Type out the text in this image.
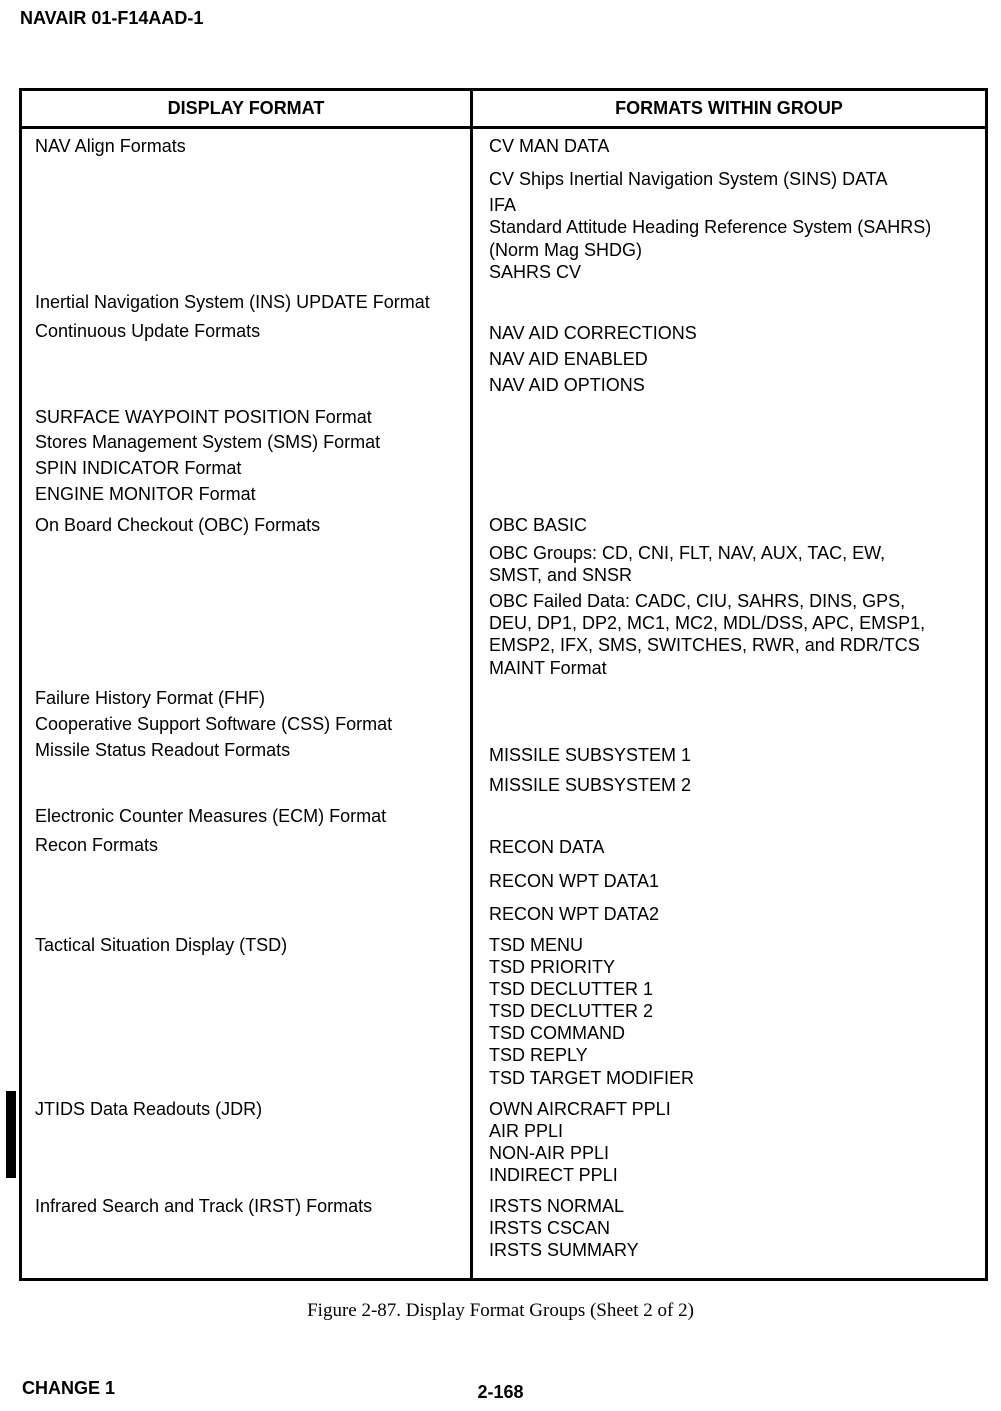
NAVAIR 01-F14AAD-1
DISPLAY FORMAT	FORMATS WITHIN GROUP
NAV Align Formats
Inertial Navigation System (INS) UPDATE Format
Continuous Update Formats
SURFACE WAYPOINT POSITION Format
Stores Management System (SMS) Format
SPIN INDICATOR Format
ENGINE MONITOR Format
On Board Checkout (OBC) Formats
Failure History Format (FHF)
Cooperative Support Software (CSS) Format
Missile Status Readout Formats
Electronic Counter Measures (ECM) Format
Recon Formats
Tactical Situation Display (TSD)
JTIDS Data Readouts (JDR)
Infrared Search and Track (IRST) Formats
CV MAN DATA
CV Ships Inertial Navigation System (SINS) DATA
IFA
Standard Attitude Heading Reference System (SAHRS)
(Norm Mag SHDG)
SAHRS CV
NAV AID CORRECTIONS
NAV AID ENABLED
NAV AID OPTIONS
OBC BASIC
OBC Groups: CD, CNI, FLT, NAV, AUX, TAC, EW,
SMST, and SNSR
OBC Failed Data: CADC, CIU, SAHRS, DINS, GPS,
DEU, DP1, DP2, MC1, MC2, MDL/DSS, APC, EMSP1,
EMSP2, IFX, SMS, SWITCHES, RWR, and RDR/TCS
MAINT Format
MISSILE SUBSYSTEM 1
MISSILE SUBSYSTEM 2
RECON DATA
RECON WPT DATA1
RECON WPT DATA2
TSD MENU
TSD PRIORITY
TSD DECLUTTER 1
TSD DECLUTTER 2
TSD COMMAND
TSD REPLY
TSD TARGET MODIFIER
OWN AIRCRAFT PPLI
AIR PPLI
NON-AIR PPLI
INDIRECT PPLI
IRSTS NORMAL
IRSTS CSCAN
IRSTS SUMMARY
Figure 2-87. Display Format Groups (Sheet 2 of 2)
CHANGE 1	2-168
